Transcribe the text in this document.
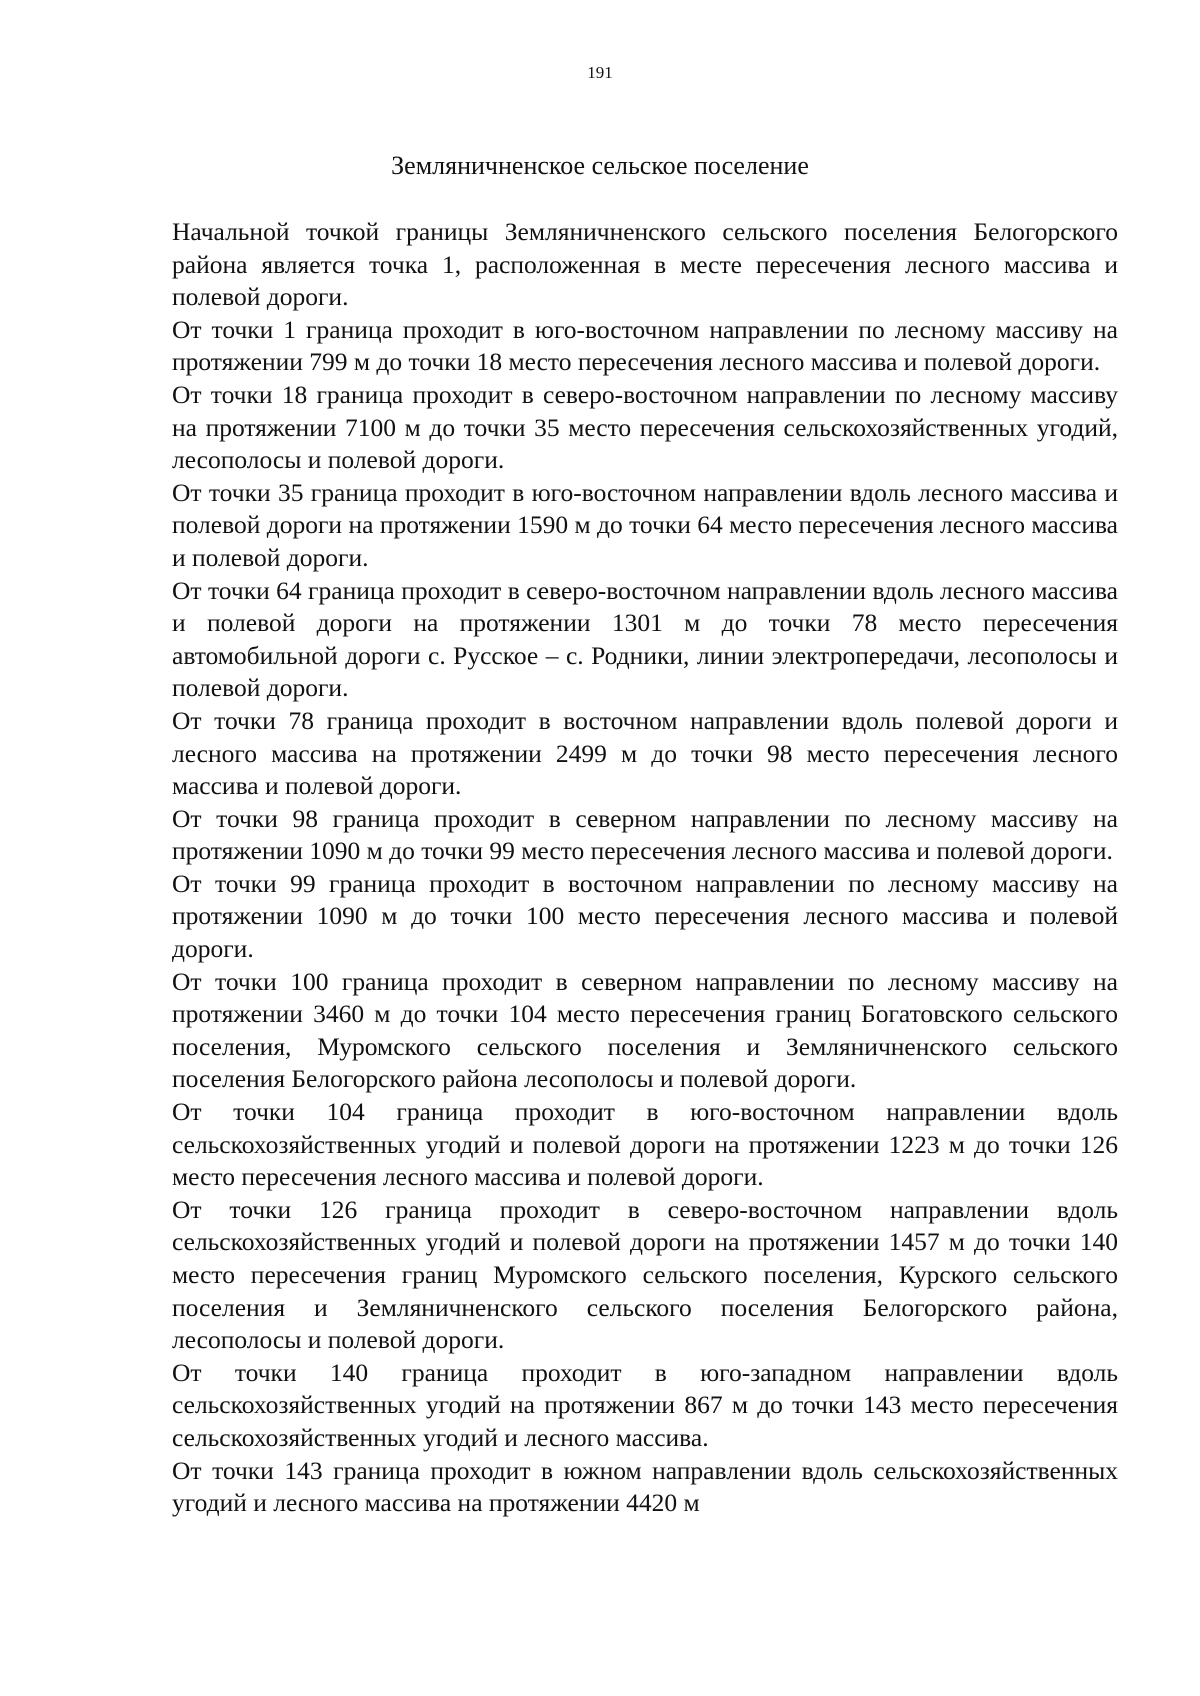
191
Земляничненское сельское поселение

Начальной точкой границы Земляничненского сельского поселения Белогорского района является точка 1, расположенная в месте пересечения лесного массива и полевой дороги.

От точки 1 граница проходит в юго-восточном направлении по лесному массиву на протяжении 799 м до точки 18 место пересечения лесного массива и полевой дороги.

От точки 18 граница проходит в северо-восточном направлении по лесному массиву на протяжении 7100 м до точки 35 место пересечения сельскохозяйственных угодий, лесополосы и полевой дороги.

От точки 35 граница проходит в юго-восточном направлении вдоль лесного массива и полевой дороги на протяжении 1590 м до точки 64 место пересечения лесного массива и полевой дороги.

От точки 64 граница проходит в северо-восточном направлении вдоль лесного массива и полевой дороги на протяжении 1301 м до точки 78 место пересечения автомобильной дороги с. Русское – с. Родники, линии электропередачи, лесополосы и полевой дороги.

От точки 78 граница проходит в восточном направлении вдоль полевой дороги и лесного массива на протяжении 2499 м до точки 98 место пересечения лесного массива и полевой дороги.

От точки 98 граница проходит в северном направлении по лесному массиву на протяжении 1090 м до точки 99 место пересечения лесного массива и полевой дороги.

От точки 99 граница проходит в восточном направлении по лесному массиву на протяжении 1090 м до точки 100 место пересечения лесного массива и полевой дороги.

От точки 100 граница проходит в северном направлении по лесному массиву на протяжении 3460 м до точки 104 место пересечения границ Богатовского сельского поселения, Муромского сельского поселения и Земляничненского сельского поселения Белогорского района лесополосы и полевой дороги.

От точки 104 граница проходит в юго-восточном направлении вдоль сельскохозяйственных угодий и полевой дороги на протяжении 1223 м до точки 126 место пересечения лесного массива и полевой дороги.

От точки 126 граница проходит в северо-восточном направлении вдоль сельскохозяйственных угодий и полевой дороги на протяжении 1457 м до точки 140 место пересечения границ Муромского сельского поселения, Курского сельского поселения и Земляничненского сельского поселения Белогорского района, лесополосы и полевой дороги.

От точки 140 граница проходит в юго-западном направлении вдоль сельскохозяйственных угодий на протяжении 867 м до точки 143 место пересечения сельскохозяйственных угодий и лесного массива.

От точки 143 граница проходит в южном направлении вдоль сельскохозяйственных угодий и лесного массива на протяжении 4420 м
